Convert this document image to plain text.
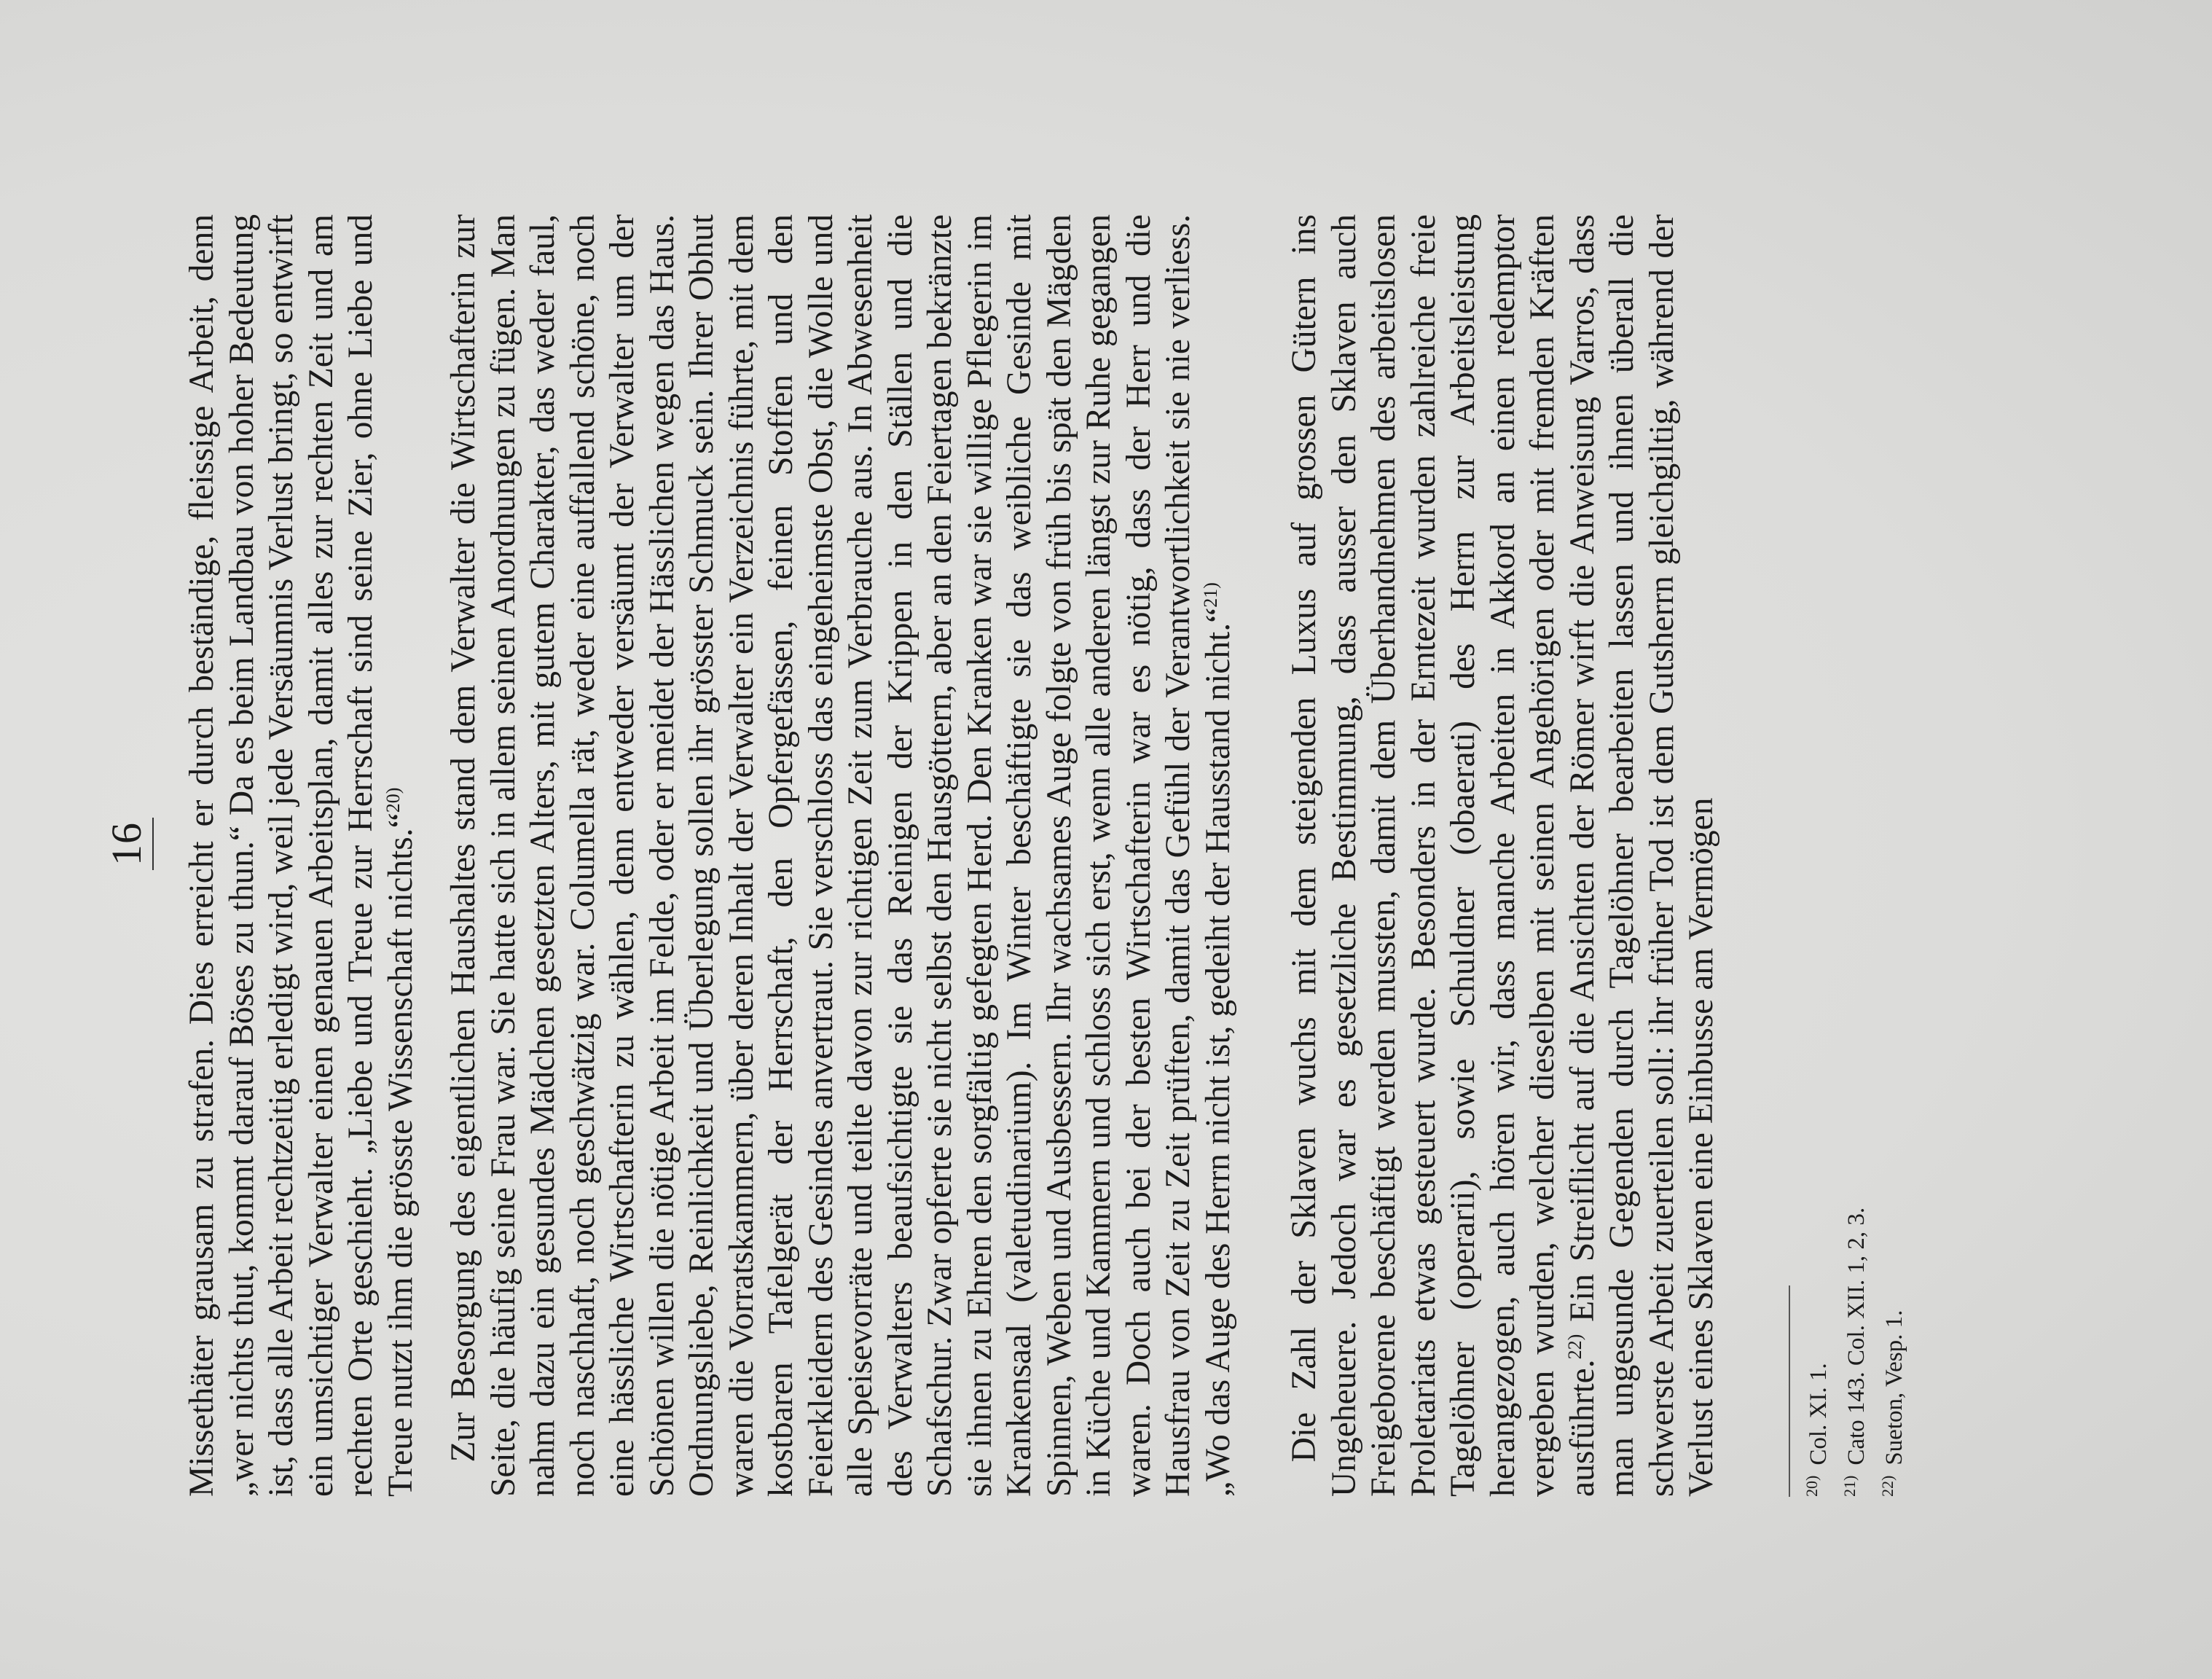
16 Missethäter grausam zu strafen. Dies erreicht er durch beständige, fleissige Arbeit, denn „wer nichts thut, kommt darauf Böses zu thun.“ Da es beim Landbau von hoher Bedeutung ist, dass alle Arbeit rechtzeitig erledigt wird, weil jede Versäumnis Verlust bringt, so entwirft ein umsichtiger Verwalter einen genauen Arbeitsplan, damit alles zur rechten Zeit und am rechten Orte geschieht. „Liebe und Treue zur Herrschaft sind seine Zier, ohne Liebe und Treue nutzt ihm die grösste Wissenschaft nichts.“$^{20)}$

 	Zur Besorgung des eigentlichen Haushaltes stand dem Verwalter die Wirtschafterin zur Seite, die häufig seine Frau war. Sie hatte sich in allem seinen Anordnungen zu fügen. Man nahm dazu ein gesundes Mädchen gesetzten Alters, mit gutem Charakter, das weder faul, noch naschhaft, noch geschwätzig war. Columella rät, weder eine auffallend schöne, noch eine hässliche Wirtschafterin zu wählen, denn entweder versäumt der Verwalter um der Schönen willen die nötige Arbeit im Felde, oder er meidet der Hässlichen wegen das Haus. Ordnungsliebe, Reinlichkeit und Überlegung sollen ihr grösster Schmuck sein. Ihrer Obhut waren die Vorratskammern, über deren Inhalt der Verwalter ein Verzeichnis führte, mit dem kostbaren Tafelgerät der Herrschaft, den Opfergefässen, feinen Stoffen und den Feierkleidern des Gesindes anvertraut. Sie verschloss das eingeheimste Obst, die Wolle und alle Speisevorräte und teilte davon zur richtigen Zeit zum Verbrauche aus. In Abwesenheit des Verwalters beaufsichtigte sie das Reinigen der Krippen in den Ställen und die Schafschur. Zwar opferte sie nicht selbst den Hausgöttern, aber an den Feiertagen bekränzte sie ihnen zu Ehren den sorgfältig gefegten Herd. Den Kranken war sie willige Pflegerin im Krankensaal (valetudinarium). Im Winter beschäftigte sie das weibliche Gesinde mit Spinnen, Weben und Ausbessern. Ihr wachsames Auge folgte von früh bis spät den Mägden in Küche und Kammern und schloss sich erst, wenn alle anderen längst zur Ruhe gegangen waren. Doch auch bei der besten Wirtschafterin war es nötig, dass der Herr und die Hausfrau von Zeit zu Zeit prüften, damit das Gefühl der Verantwortlichkeit sie nie verliess. „Wo das Auge des Herrn nicht ist, gedeiht der Hausstand nicht.“$^{21)}$

 	Die Zahl der Sklaven wuchs mit dem steigenden Luxus auf grossen Gütern ins Ungeheuere. Jedoch war es gesetzliche Bestimmung, dass ausser den Sklaven auch Freigeborene beschäftigt werden mussten, damit dem Überhandnehmen des arbeitslosen Proletariats etwas gesteuert wurde. Besonders in der Erntezeit wurden zahlreiche freie Tagelöhner (operarii), sowie Schuldner (obaerati) des Herrn zur Arbeitsleistung herangezogen, auch hören wir, dass manche Arbeiten in Akkord an einen redemptor vergeben wurden, welcher dieselben mit seinen Angehörigen oder mit fremden Kräften ausführte.$^{22)}$ Ein Streiflicht auf die Ansichten der Römer wirft die Anweisung Varros, dass man ungesunde Gegenden durch Tagelöhner bearbeiten lassen und ihnen überall die schwerste Arbeit zuerteilen soll: ihr früher Tod ist dem Gutsherrn gleichgiltig, während der Verlust eines Sklaven eine Einbusse am Vermögen	$^{20)}$Col. XI. 1.
$^{21)}$Cato 143. Col. XII. 1, 2, 3.
$^{22)}$Sueton, Vesp. 1.
